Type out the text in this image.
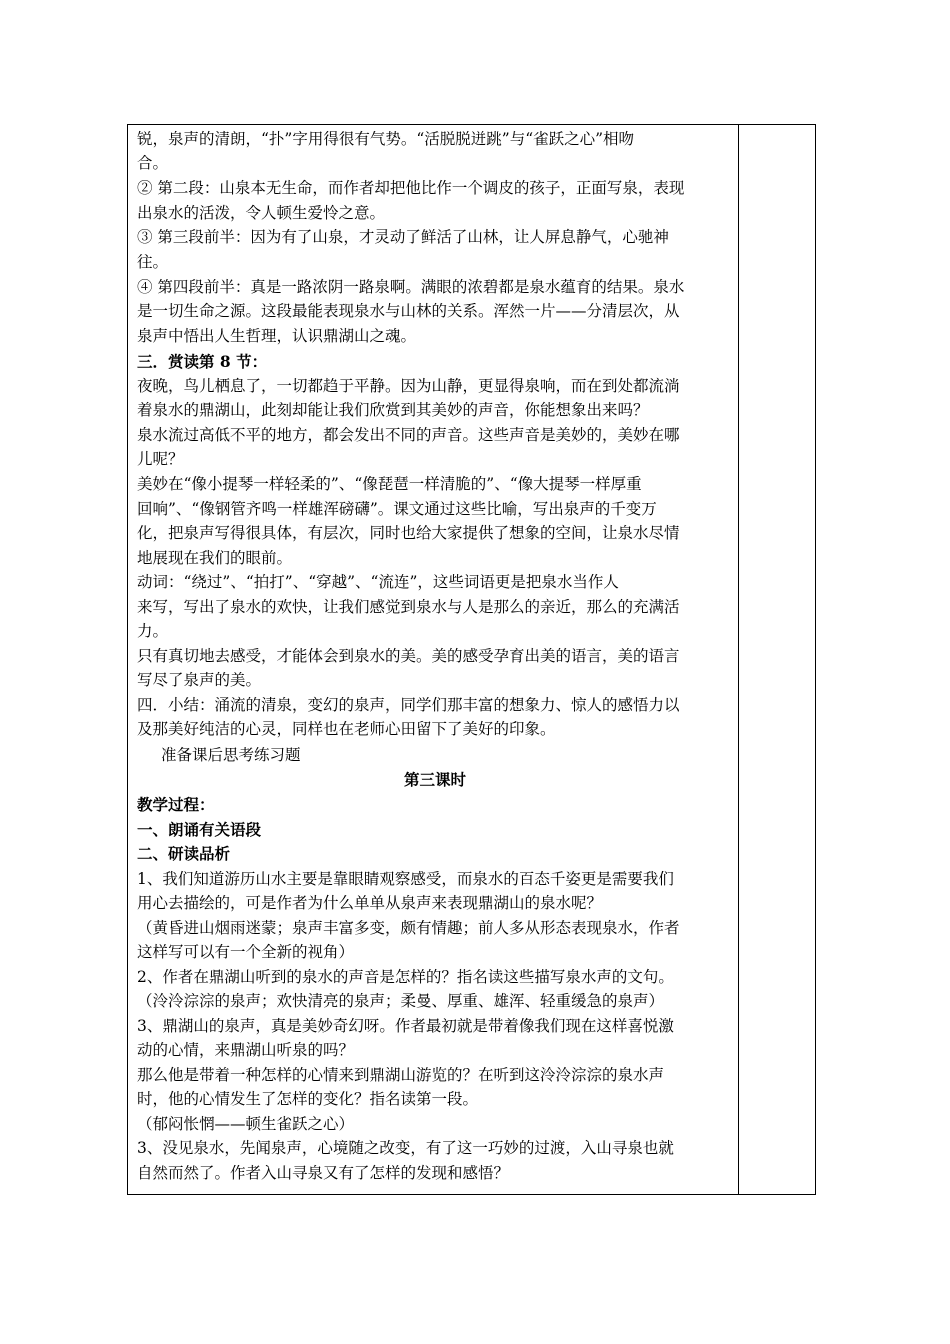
锐，泉声的清朗，“扑”字用得很有气势。“活脱脱迸跳”与“雀跃之心”相吻
合。
② 第二段：山泉本无生命，而作者却把他比作一个调皮的孩子，正面写泉，表现
出泉水的活泼，令人顿生爱怜之意。
③ 第三段前半：因为有了山泉，才灵动了鲜活了山林，让人屏息静气，心驰神
往。
④ 第四段前半：真是一路浓阴一路泉啊。满眼的浓碧都是泉水蕴育的结果。泉水
是一切生命之源。这段最能表现泉水与山林的关系。浑然一片——分清层次，从
泉声中悟出人生哲理，认识鼎湖山之魂。
三．赏读第 8 节：
夜晚，鸟儿栖息了，一切都趋于平静。因为山静，更显得泉响，而在到处都流淌
着泉水的鼎湖山，此刻却能让我们欣赏到其美妙的声音，你能想象出来吗？
泉水流过高低不平的地方，都会发出不同的声音。这些声音是美妙的，美妙在哪
儿呢？
美妙在“像小提琴一样轻柔的”、“像琵琶一样清脆的”、“像大提琴一样厚重
回响”、“像钢管齐鸣一样雄浑磅礴”。课文通过这些比喻，写出泉声的千变万
化，把泉声写得很具体，有层次，同时也给大家提供了想象的空间，让泉水尽情
地展现在我们的眼前。
动词：“绕过”、“拍打”、“穿越”、“流连”，这些词语更是把泉水当作人
来写，写出了泉水的欢快，让我们感觉到泉水与人是那么的亲近，那么的充满活
力。
只有真切地去感受，才能体会到泉水的美。美的感受孕育出美的语言，美的语言
写尽了泉声的美。
四．小结：涌流的清泉，变幻的泉声，同学们那丰富的想象力、惊人的感悟力以
及那美好纯洁的心灵，同样也在老师心田留下了美好的印象。
准备课后思考练习题
第三课时
教学过程：
一、朗诵有关语段
二、研读品析
1、我们知道游历山水主要是靠眼睛观察感受，而泉水的百态千姿更是需要我们
用心去描绘的，可是作者为什么单单从泉声来表现鼎湖山的泉水呢？
（黄昏进山烟雨迷蒙；泉声丰富多变，颇有情趣；前人多从形态表现泉水，作者
这样写可以有一个全新的视角）
2、作者在鼎湖山听到的泉水的声音是怎样的？指名读这些描写泉水声的文句。
（泠泠淙淙的泉声；欢快清亮的泉声；柔曼、厚重、雄浑、轻重缓急的泉声）
3、鼎湖山的泉声，真是美妙奇幻呀。作者最初就是带着像我们现在这样喜悦激
动的心情，来鼎湖山听泉的吗？
那么他是带着一种怎样的心情来到鼎湖山游览的？在听到这泠泠淙淙的泉水声
时，他的心情发生了怎样的变化？指名读第一段。
（郁闷怅惘——顿生雀跃之心）
3、没见泉水，先闻泉声，心境随之改变，有了这一巧妙的过渡，入山寻泉也就
自然而然了。作者入山寻泉又有了怎样的发现和感悟？
